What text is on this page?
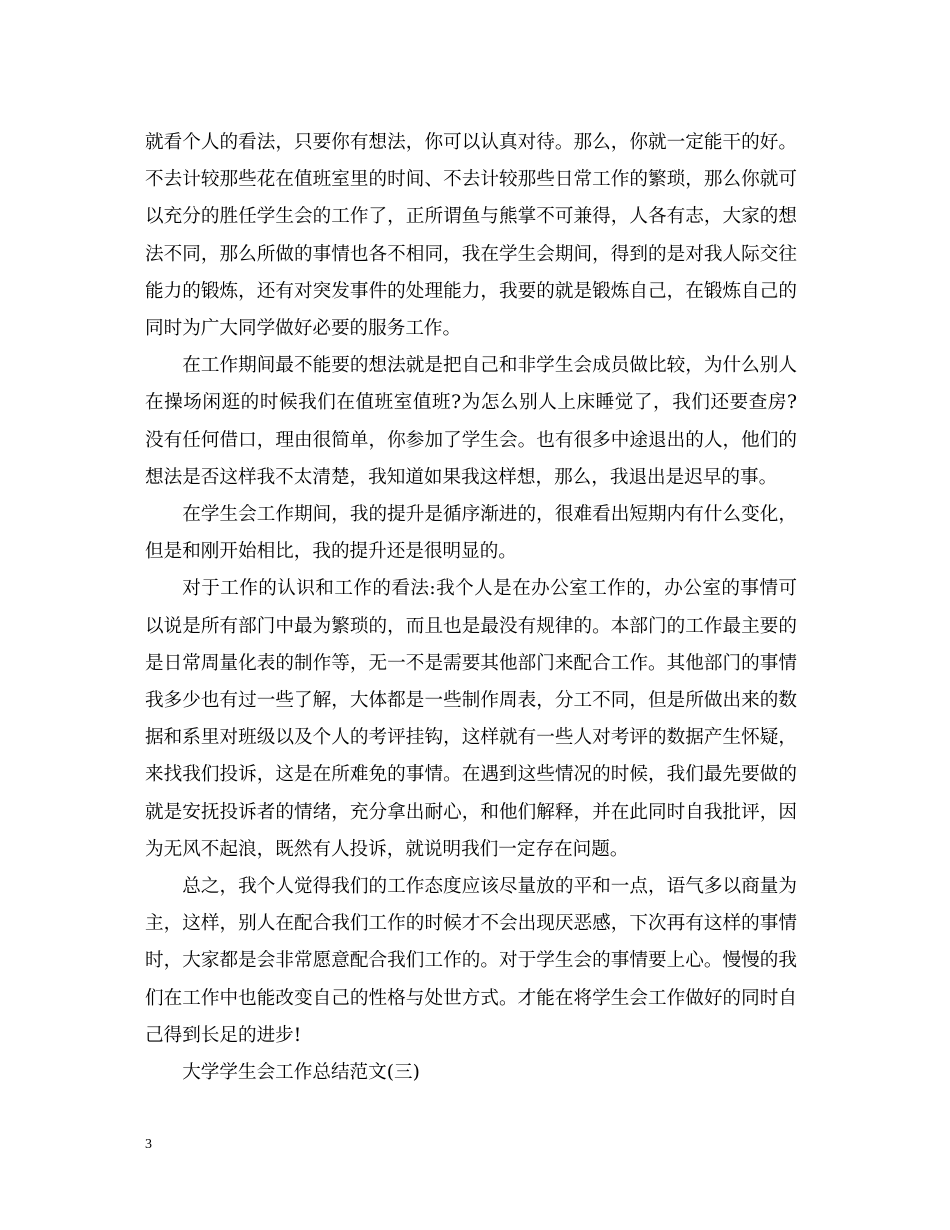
就看个人的看法，只要你有想法，你可以认真对待。那么，你就一定能干的好。不去计较那些花在值班室里的时间、不去计较那些日常工作的繁琐，那么你就可以充分的胜任学生会的工作了，正所谓鱼与熊掌不可兼得，人各有志，大家的想法不同，那么所做的事情也各不相同，我在学生会期间，得到的是对我人际交往能力的锻炼，还有对突发事件的处理能力，我要的就是锻炼自己，在锻炼自己的同时为广大同学做好必要的服务工作。

在工作期间最不能要的想法就是把自己和非学生会成员做比较，为什么别人在操场闲逛的时候我们在值班室值班?为怎么别人上床睡觉了，我们还要查房?没有任何借口，理由很简单，你参加了学生会。也有很多中途退出的人，他们的想法是否这样我不太清楚，我知道如果我这样想，那么，我退出是迟早的事。

在学生会工作期间，我的提升是循序渐进的，很难看出短期内有什么变化，但是和刚开始相比，我的提升还是很明显的。

对于工作的认识和工作的看法:我个人是在办公室工作的，办公室的事情可以说是所有部门中最为繁琐的，而且也是最没有规律的。本部门的工作最主要的是日常周量化表的制作等，无一不是需要其他部门来配合工作。其他部门的事情我多少也有过一些了解，大体都是一些制作周表，分工不同，但是所做出来的数据和系里对班级以及个人的考评挂钩，这样就有一些人对考评的数据产生怀疑，来找我们投诉，这是在所难免的事情。在遇到这些情况的时候，我们最先要做的就是安抚投诉者的情绪，充分拿出耐心，和他们解释，并在此同时自我批评，因为无风不起浪，既然有人投诉，就说明我们一定存在问题。

总之，我个人觉得我们的工作态度应该尽量放的平和一点，语气多以商量为主，这样，别人在配合我们工作的时候才不会出现厌恶感，下次再有这样的事情时，大家都是会非常愿意配合我们工作的。对于学生会的事情要上心。慢慢的我们在工作中也能改变自己的性格与处世方式。才能在将学生会工作做好的同时自己得到长足的进步!

大学学生会工作总结范文(三)

3
